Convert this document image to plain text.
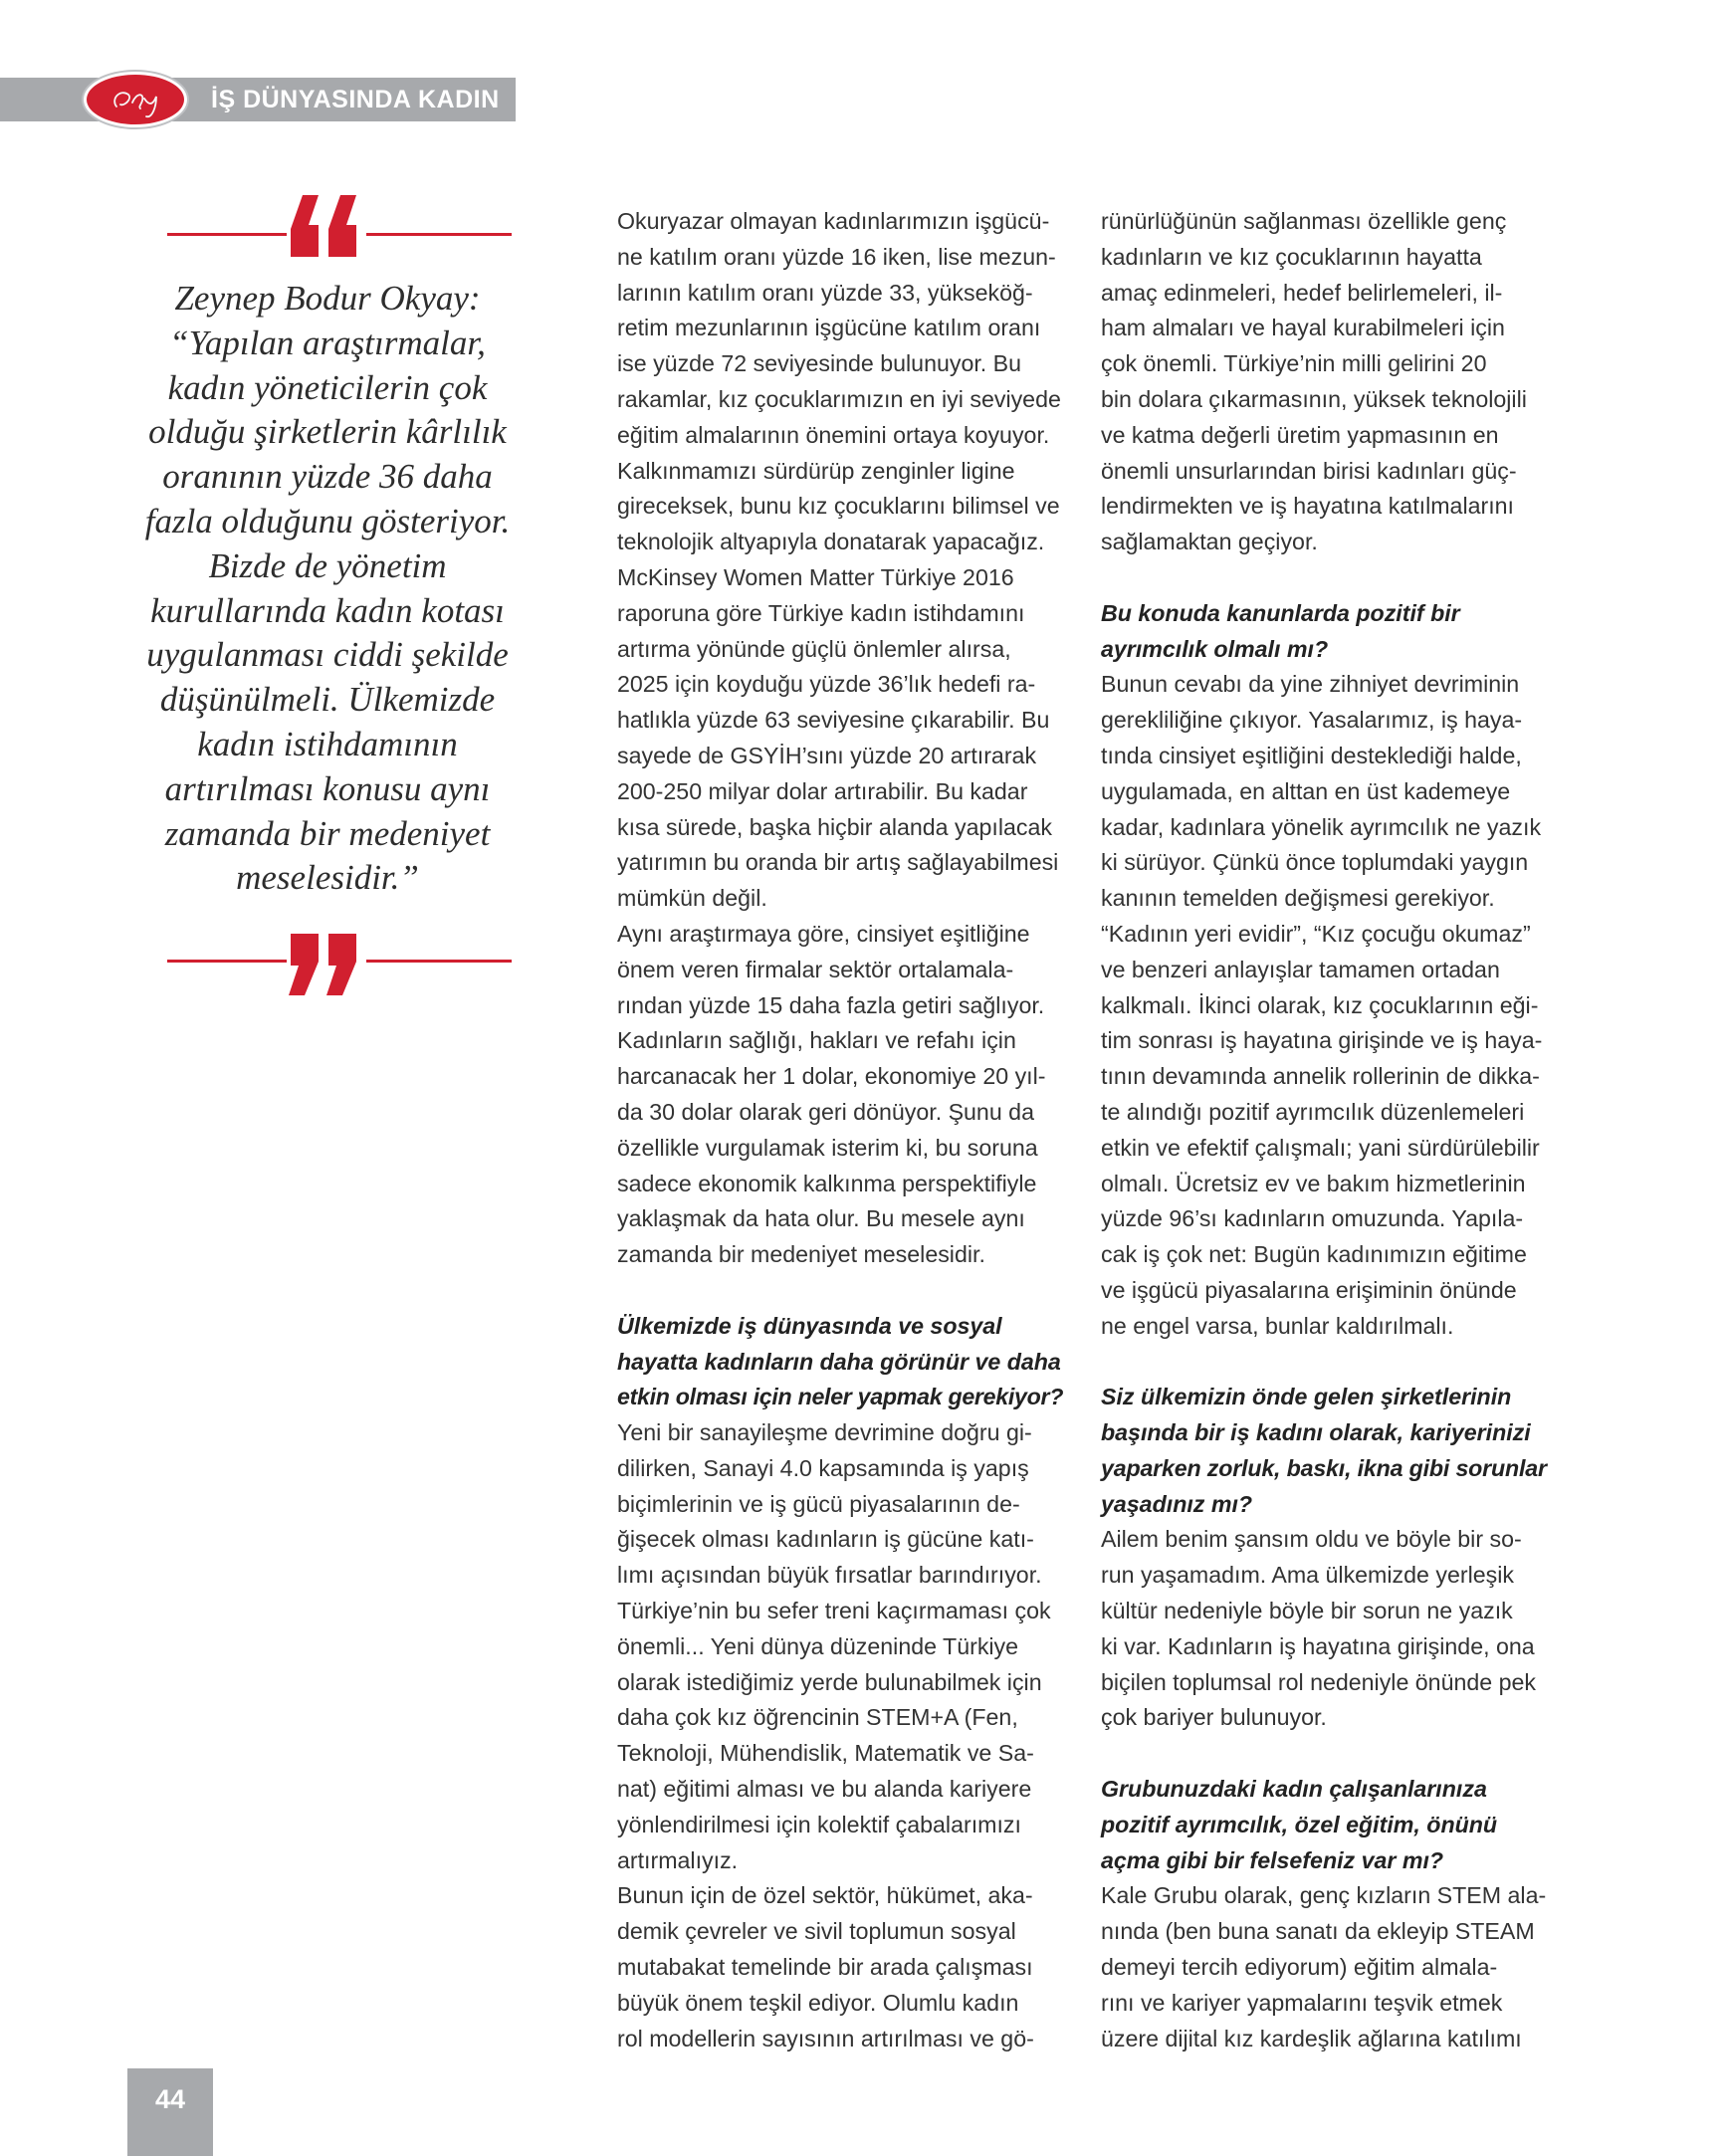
İŞ DÜNYASINDA KADIN
Zeynep Bodur Okyay:
“Yapılan araştırmalar,
kadın yöneticilerin çok
olduğu şirketlerin kârlılık
oranının yüzde 36 daha
fazla olduğunu gösteriyor.
Bizde de yönetim
kurullarında kadın kotası
uygulanması ciddi şekilde
düşünülmeli. Ülkemizde
kadın istihdamının
artırılması konusu aynı
zamanda bir medeniyet
meselesidir.”

Okuryazar olmayan kadınlarımızın işgücü-

ne katılım oranı yüzde 16 iken, lise mezun-

larının katılım oranı yüzde 33, yükseköğ-

retim mezunlarının işgücüne katılım oranı

ise yüzde 72 seviyesinde bulunuyor. Bu

rakamlar, kız çocuklarımızın en iyi seviyede

eğitim almalarının önemini ortaya koyuyor.

Kalkınmamızı sürdürüp zenginler ligine

gireceksek, bunu kız çocuklarını bilimsel ve

teknolojik altyapıyla donatarak yapacağız.

McKinsey Women Matter Türkiye 2016

raporuna göre Türkiye kadın istihdamını

artırma yönünde güçlü önlemler alırsa,

2025 için koyduğu yüzde 36’lık hedefi ra-

hatlıkla yüzde 63 seviyesine çıkarabilir. Bu

sayede de GSYİH’sını yüzde 20 artırarak

200-250 milyar dolar artırabilir. Bu kadar

kısa sürede, başka hiçbir alanda yapılacak

yatırımın bu oranda bir artış sağlayabilmesi

mümkün değil.

Aynı araştırmaya göre, cinsiyet eşitliğine

önem veren firmalar sektör ortalamala-

rından yüzde 15 daha fazla getiri sağlıyor.

Kadınların sağlığı, hakları ve refahı için

harcanacak her 1 dolar, ekonomiye 20 yıl-

da 30 dolar olarak geri dönüyor. Şunu da

özellikle vurgulamak isterim ki, bu soruna

sadece ekonomik kalkınma perspektifiyle

yaklaşmak da hata olur. Bu mesele aynı

zamanda bir medeniyet meselesidir.

Ülkemizde iş dünyasında ve sosyal

hayatta kadınların daha görünür ve daha

etkin olması için neler yapmak gerekiyor?

Yeni bir sanayileşme devrimine doğru gi-

dilirken, Sanayi 4.0 kapsamında iş yapış

biçimlerinin ve iş gücü piyasalarının de-

ğişecek olması kadınların iş gücüne katı-

lımı açısından büyük fırsatlar barındırıyor.

Türkiye’nin bu sefer treni kaçırmaması çok

önemli... Yeni dünya düzeninde Türkiye

olarak istediğimiz yerde bulunabilmek için

daha çok kız öğrencinin STEM+A (Fen,

Teknoloji, Mühendislik, Matematik ve Sa-

nat) eğitimi alması ve bu alanda kariyere

yönlendirilmesi için kolektif çabalarımızı

artırmalıyız.

Bunun için de özel sektör, hükümet, aka-

demik çevreler ve sivil toplumun sosyal

mutabakat temelinde bir arada çalışması

büyük önem teşkil ediyor. Olumlu kadın

rol modellerin sayısının artırılması ve gö-

rünürlüğünün sağlanması özellikle genç

kadınların ve kız çocuklarının hayatta

amaç edinmeleri, hedef belirlemeleri, il-

ham almaları ve hayal kurabilmeleri için

çok önemli. Türkiye’nin milli gelirini 20

bin dolara çıkarmasının, yüksek teknolojili

ve katma değerli üretim yapmasının en

önemli unsurlarından birisi kadınları güç-

lendirmekten ve iş hayatına katılmalarını

sağlamaktan geçiyor.

Bu konuda kanunlarda pozitif bir

ayrımcılık olmalı mı?

Bunun cevabı da yine zihniyet devriminin

gerekliliğine çıkıyor. Yasalarımız, iş haya-

tında cinsiyet eşitliğini desteklediği halde,

uygulamada, en alttan en üst kademeye

kadar, kadınlara yönelik ayrımcılık ne yazık

ki sürüyor. Çünkü önce toplumdaki yaygın

kanının temelden değişmesi gerekiyor.

“Kadının yeri evidir”, “Kız çocuğu okumaz”

ve benzeri anlayışlar tamamen ortadan

kalkmalı. İkinci olarak, kız çocuklarının eği-

tim sonrası iş hayatına girişinde ve iş haya-

tının devamında annelik rollerinin de dikka-

te alındığı pozitif ayrımcılık düzenlemeleri

etkin ve efektif çalışmalı; yani sürdürülebilir

olmalı. Ücretsiz ev ve bakım hizmetlerinin

yüzde 96’sı kadınların omuzunda. Yapıla-

cak iş çok net: Bugün kadınımızın eğitime

ve işgücü piyasalarına erişiminin önünde

ne engel varsa, bunlar kaldırılmalı.

Siz ülkemizin önde gelen şirketlerinin

başında bir iş kadını olarak, kariyerinizi

yaparken zorluk, baskı, ikna gibi sorunlar

yaşadınız mı?

Ailem benim şansım oldu ve böyle bir so-

run yaşamadım. Ama ülkemizde yerleşik

kültür nedeniyle böyle bir sorun ne yazık

ki var. Kadınların iş hayatına girişinde, ona

biçilen toplumsal rol nedeniyle önünde pek

çok bariyer bulunuyor.

Grubunuzdaki kadın çalışanlarınıza

pozitif ayrımcılık, özel eğitim, önünü

açma gibi bir felsefeniz var mı?

Kale Grubu olarak, genç kızların STEM ala-

nında (ben buna sanatı da ekleyip STEAM

demeyi tercih ediyorum) eğitim almala-

rını ve kariyer yapmalarını teşvik etmek

üzere dijital kız kardeşlik ağlarına katılımı

44
